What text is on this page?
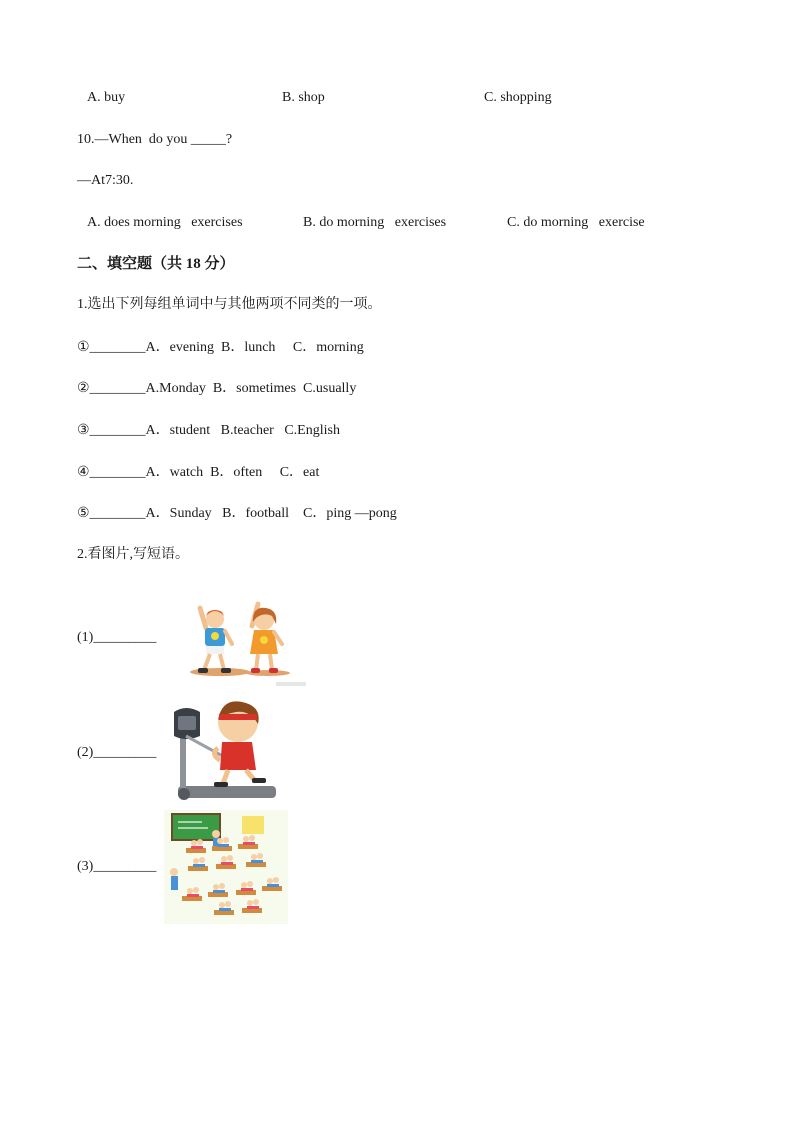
A. buy	B. shop	C. shopping
10.—When  do you _____?
—At7:30.
A. does morning   exercises	B. do morning   exercises	C. do morning   exercise
二、填空题（共 18 分）
1.选出下列每组单词中与其他两项不同类的一项。
①________A．evening  B．lunch     C．morning
②________A.Monday  B．sometimes  C.usually
③________A．student   B.teacher   C.English
④________A．watch  B．often     C．eat
⑤________A．Sunday   B．football    C．ping —pong
2.看图片,写短语。
(1)_________
(2)_________
(3)_________
